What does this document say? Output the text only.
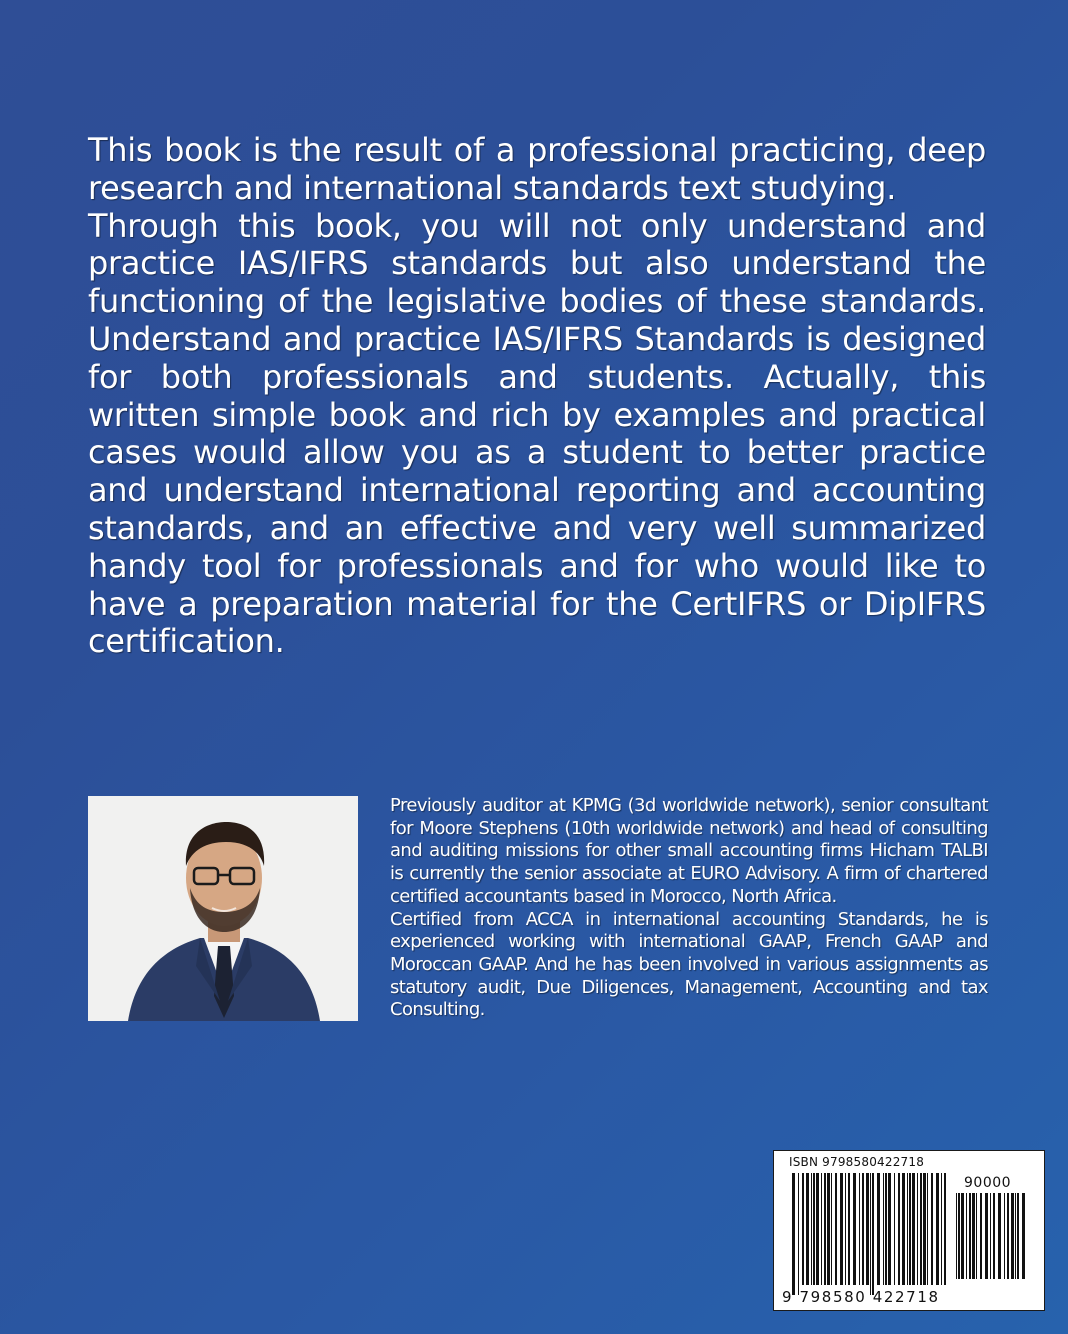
This book is the result of a professional practicing, deep research and international standards text studying.

Through this book, you will not only understand and practice IAS/IFRS standards but also understand the functioning of the legislative bodies of these standards. Understand and practice IAS/IFRS Standards is designed for both professionals and students. Actually, this written simple book and rich by examples and practical cases would allow you as a student to better practice and understand international reporting and accounting standards, and an effective and very well summarized handy tool for professionals and for who would like to have a preparation material for the CertIFRS or DipIFRS certification.

Previously auditor at KPMG (3d worldwide network), senior consultant for Moore Stephens (10th worldwide network) and head of consulting and auditing missions for other small accounting firms Hicham TALBI is currently the senior associate at EURO Advisory. A firm of chartered certified accountants based in Morocco, North Africa.

Certified from ACCA in international accounting Standards, he is experienced working with international GAAP, French GAAP and Moroccan GAAP. And he has been involved in various assignments as statutory audit, Due Diligences, Management, Accounting and tax Consulting.

ISBN 9798580422718
90000
9 798580 422718
